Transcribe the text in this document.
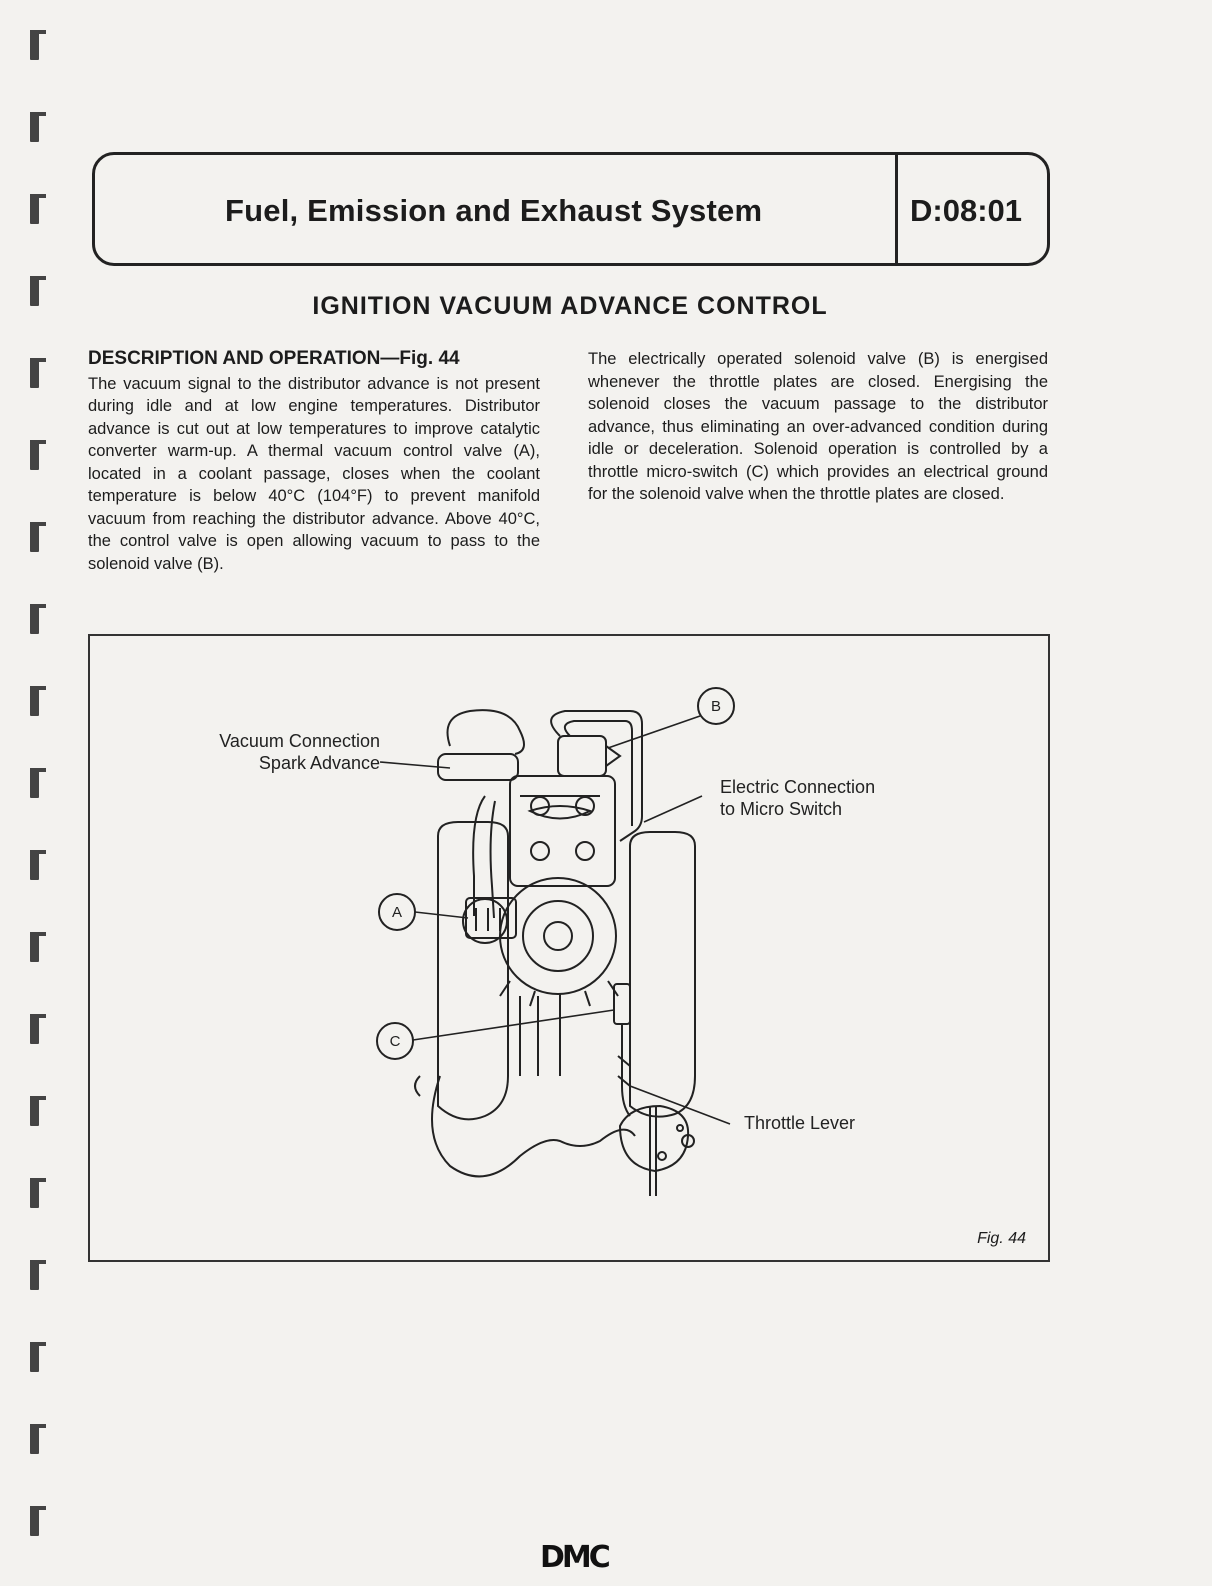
Fuel, Emission and Exhaust System	D:08:01
IGNITION VACUUM ADVANCE CONTROL
DESCRIPTION AND OPERATION—Fig. 44
The vacuum signal to the distributor advance is not present during idle and at low engine temperatures. Distributor advance is cut out at low temperatures to improve catalytic converter warm-up. A thermal vacuum control valve (A), located in a coolant passage, closes when the coolant temperature is below 40°C (104°F) to prevent manifold vacuum from reaching the distributor advance. Above 40°C, the control valve is open allowing vacuum to pass to the solenoid valve (B).
The electrically operated solenoid valve (B) is energised whenever the throttle plates are closed. Energising the solenoid closes the vacuum passage to the distributor advance, thus eliminating an over-advanced condition during idle or deceleration. Solenoid operation is controlled by a throttle micro-switch (C) which provides an electrical ground for the solenoid valve when the throttle plates are closed.
B
A
C
Vacuum Connection
Spark Advance
Electric Connection
to Micro Switch
Throttle Lever
Fig. 44
DMC
